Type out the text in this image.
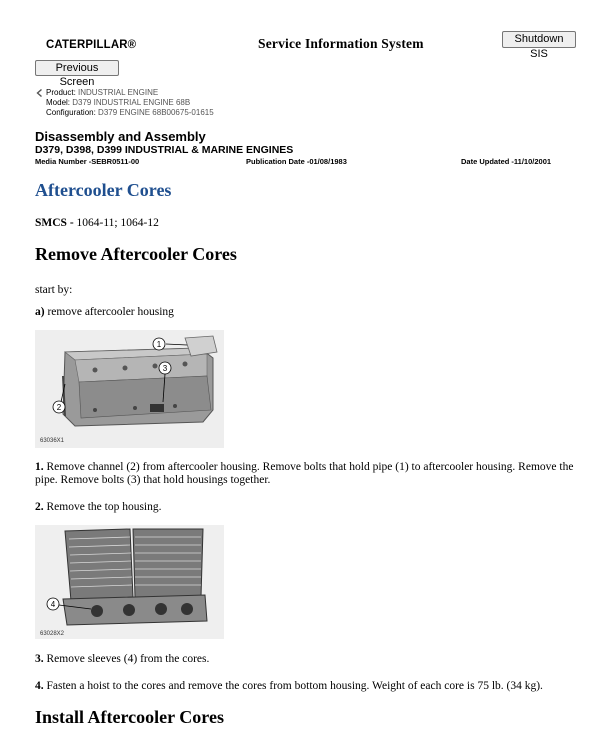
CATERPILLAR®	Service Information System	Shutdown SIS
Previous Screen
Product: INDUSTRIAL ENGINE
Model: D379 INDUSTRIAL ENGINE 68B
Configuration: D379 ENGINE 68B00675-01615
Disassembly and Assembly
D379, D398, D399 INDUSTRIAL & MARINE ENGINES
Media Number -SEBR0511-00	Publication Date -01/08/1983	Date Updated -11/10/2001
Aftercooler Cores
SMCS - 1064-11; 1064-12
Remove Aftercooler Cores
start by:
a) remove aftercooler housing
1
3
2
63036X1
1. Remove channel (2) from aftercooler housing. Remove bolts that hold pipe (1) to aftercooler housing. Remove the pipe. Remove bolts (3) that hold housings together.
2. Remove the top housing.
4
63028X2
3. Remove sleeves (4) from the cores.
4. Fasten a hoist to the cores and remove the cores from bottom housing. Weight of each core is 75 lb. (34 kg).
Install Aftercooler Cores
